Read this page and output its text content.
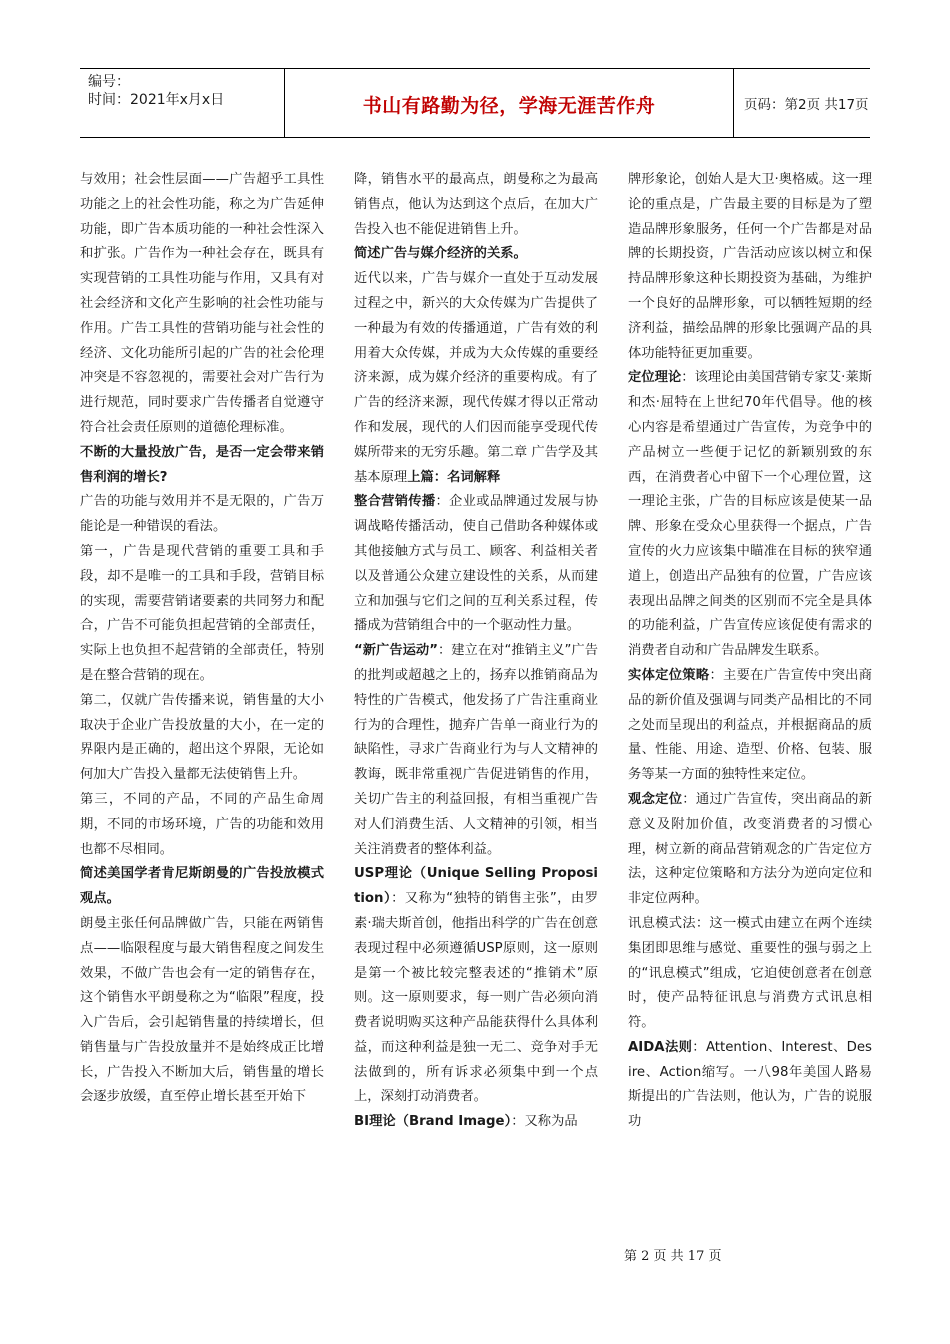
编号：
时间：2021年x月x日	书山有路勤为径，学海无涯苦作舟	页码：第2页 共17页

与效用；社会性层面——广告超乎工具性功能之上的社会性功能，称之为广告延伸功能，即广告本质功能的一种社会性深入和扩张。广告作为一种社会存在，既具有实现营销的工具性功能与作用，又具有对社会经济和文化产生影响的社会性功能与作用。广告工具性的营销功能与社会性的经济、文化功能所引起的广告的社会伦理冲突是不容忽视的，需要社会对广告行为进行规范，同时要求广告传播者自觉遵守符合社会责任原则的道德伦理标准。

不断的大量投放广告，是否一定会带来销售利润的增长?

广告的功能与效用并不是无限的，广告万能论是一种错误的看法。

第一，广告是现代营销的重要工具和手段，却不是唯一的工具和手段，营销目标的实现，需要营销诸要素的共同努力和配合，广告不可能负担起营销的全部责任，实际上也负担不起营销的全部责任，特别是在整合营销的现在。

第二，仅就广告传播来说，销售量的大小取决于企业广告投放量的大小，在一定的界限内是正确的，超出这个界限，无论如何加大广告投入量都无法使销售上升。

第三，不同的产品，不同的产品生命周期，不同的市场环境，广告的功能和效用也都不尽相同。

简述美国学者肯尼斯朗曼的广告投放模式观点。

朗曼主张任何品牌做广告，只能在两销售点——临限程度与最大销售程度之间发生效果，不做广告也会有一定的销售存在，这个销售水平朗曼称之为“临限”程度，投入广告后，会引起销售量的持续增长，但销售量与广告投放量并不是始终成正比增长，广告投入不断加大后，销售量的增长会逐步放缓，直至停止增长甚至开始下

降，销售水平的最高点，朗曼称之为最高销售点，他认为达到这个点后，在加大广告投入也不能促进销售上升。

简述广告与媒介经济的关系。

近代以来，广告与媒介一直处于互动发展过程之中，新兴的大众传媒为广告提供了一种最为有效的传播通道，广告有效的利用着大众传媒，并成为大众传媒的重要经济来源，成为媒介经济的重要构成。有了广告的经济来源，现代传媒才得以正常动作和发展，现代的人们因而能享受现代传媒所带来的无穷乐趣。第二章 广告学及其基本原理上篇：名词解释

整合营销传播：企业或品牌通过发展与协调战略传播活动，使自己借助各种媒体或其他接触方式与员工、顾客、利益相关者以及普通公众建立建设性的关系，从而建立和加强与它们之间的互利关系过程，传播成为营销组合中的一个驱动性力量。

“新广告运动”：建立在对“推销主义”广告的批判或超越之上的，扬弃以推销商品为特性的广告模式，他发扬了广告注重商业行为的合理性，抛弃广告单一商业行为的缺陷性，寻求广告商业行为与人文精神的教诲，既非常重视广告促进销售的作用，关切广告主的利益回报，有相当重视广告对人们消费生活、人文精神的引领，相当关注消费者的整体利益。

USP理论（Unique Selling Proposition）：又称为“独特的销售主张”，由罗素·瑞夫斯首创，他指出科学的广告在创意表现过程中必须遵循USP原则，这一原则是第一个被比较完整表述的“推销术”原则。这一原则要求，每一则广告必须向消费者说明购买这种产品能获得什么具体利益，而这种利益是独一无二、竞争对手无法做到的，所有诉求必须集中到一个点上，深刻打动消费者。

BI理论（Brand Image）：又称为品

牌形象论，创始人是大卫·奥格威。这一理论的重点是，广告最主要的目标是为了塑造品牌形象服务，任何一个广告都是对品牌的长期投资，广告活动应该以树立和保持品牌形象这种长期投资为基础，为维护一个良好的品牌形象，可以牺牲短期的经济利益，描绘品牌的形象比强调产品的具体功能特征更加重要。

定位理论：该理论由美国营销专家艾·莱斯和杰·屈特在上世纪70年代倡导。他的核心内容是希望通过广告宣传，为竞争中的产品树立一些便于记忆的新颖别致的东西，在消费者心中留下一个心理位置，这一理论主张，广告的目标应该是使某一品牌、形象在受众心里获得一个据点，广告宣传的火力应该集中瞄准在目标的狭窄通道上，创造出产品独有的位置，广告应该表现出品牌之间类的区别而不完全是具体的功能利益，广告宣传应该促使有需求的消费者自动和广告品牌发生联系。

实体定位策略：主要在广告宣传中突出商品的新价值及强调与同类产品相比的不同之处而呈现出的利益点，并根据商品的质量、性能、用途、造型、价格、包装、服务等某一方面的独特性来定位。

观念定位：通过广告宣传，突出商品的新意义及附加价值，改变消费者的习惯心理，树立新的商品营销观念的广告定位方法，这种定位策略和方法分为逆向定位和非定位两种。

讯息模式法：这一模式由建立在两个连续集团即思维与感觉、重要性的强与弱之上的“讯息模式”组成，它迫使创意者在创意时，使产品特征讯息与消费方式讯息相符。

AIDA法则：Attention、Interest、Desire、Action缩写。一八98年美国人路易斯提出的广告法则，他认为，广告的说服功

第 2 页 共 17 页
